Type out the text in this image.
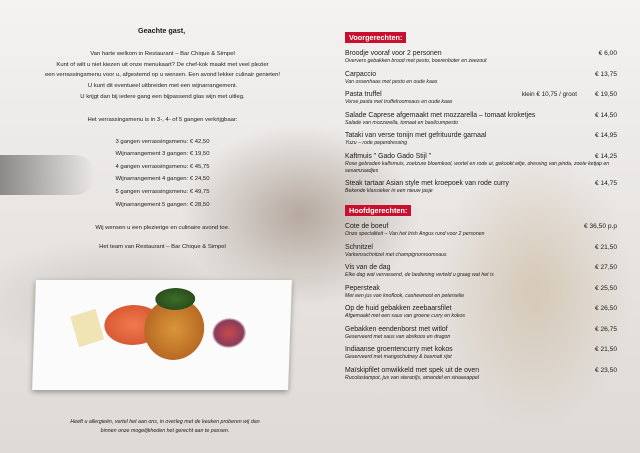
Geachte gast,
Van harte welkom in Restaurant – Bar Chique & Simpel
Kunt of wilt u niet kiezen uit onze menukaart? De chef-kok maakt met veel plezier
een verrassingsmenu voor u, afgestemd op u wensen. Een avond lekker culinair genieten!
U kunt dit eventueel uitbreiden met een wijnarrangement.
U krijgt dan bij iedere gang een bijpassend glas wijn met uitleg.
Het verrassingsmenu is in 3-, 4- of 5 gangen verkrijgbaar:
3 gangen verrassingsmenu: € 42,50
Wijnarrangement 3 gangen: € 19,50
4 gangen verrassingsmenu: € 45,75
Wijnarrangement 4 gangen: € 24,50
5 gangen verrassingsmenu: € 49,75
Wijnarrangement 5 gangen: € 28,50
Wij wensen u een plezierige en culinaire avond toe.
Het team van Restaurant – Bar Chique & Simpel
Heeft u allergieën, vertel het aan ons, in overleg met de keuken proberen wij dan
binnen onze mogelijkheden het gerecht aan te passen.
Voorgerechten:
Broodje vooraf voor 2 personen
Oververs gebakken brood met pesto, boerenboter en zeezout
€ 6,00
Carpaccio
Van ossenhaas met pesto en oude kaas
€ 13,75
Pasta truffel
Verse pasta met truffelroomsaus en oude kaas
klein € 10,75 / groot	€ 19,50
Salade Caprese afgemaakt met mozzarella – tomaat kroketjes
Salade van mozzarella, tomaat en basilcumpesto
€ 14,50
Tataki van verse tonijn met gefrituurde garnaal
Yuzu – rode peperdressing
€ 14,95
Kaftmuis " Gado Gado Stijl "
Rose gebraden kalfsmuis, zoetzure bloemkool, wortel en rode ui, gekookt eitje, dressing van pinda, zoete ketjap en sesamzaadjes
€ 14,25
Steak tartaar Asian style met kroepoek van rode curry
Bekende klassieker in een nieuw jasje
€ 14,75
Hoofdgerechten:
Cote de boeuf
Onze specialiteit – Van het Irish Angus rund voor 2 personen
€ 36,50 p.p
Schnitzel
Varkensschnitzel met champignonroomsaus
€ 21,50
Vis van de dag
Elke dag wat verrassend, de bediening verteld u graag wat het is
€ 27,50
Pepersteak
Met een jus van knoflook, cashewnoot en peterselie
€ 25,50
Op de huid gebakken zeebaarsfilet
Afgemaakt met een saus van groene curry en kokos
€ 26,50
Gebakken eendenborst met witlof
Geserveerd met saus van abrikoos en dragon
€ 26,75
Indiaanse groentencurry met kokos
Geserveerd met mangochutney & basmati rijst
€ 21,50
Maïskipfilet omwikkeld met spek uit de oven
Rucolastampot, jus van sterani]s, amandel en sinaasappel
€ 23,50
